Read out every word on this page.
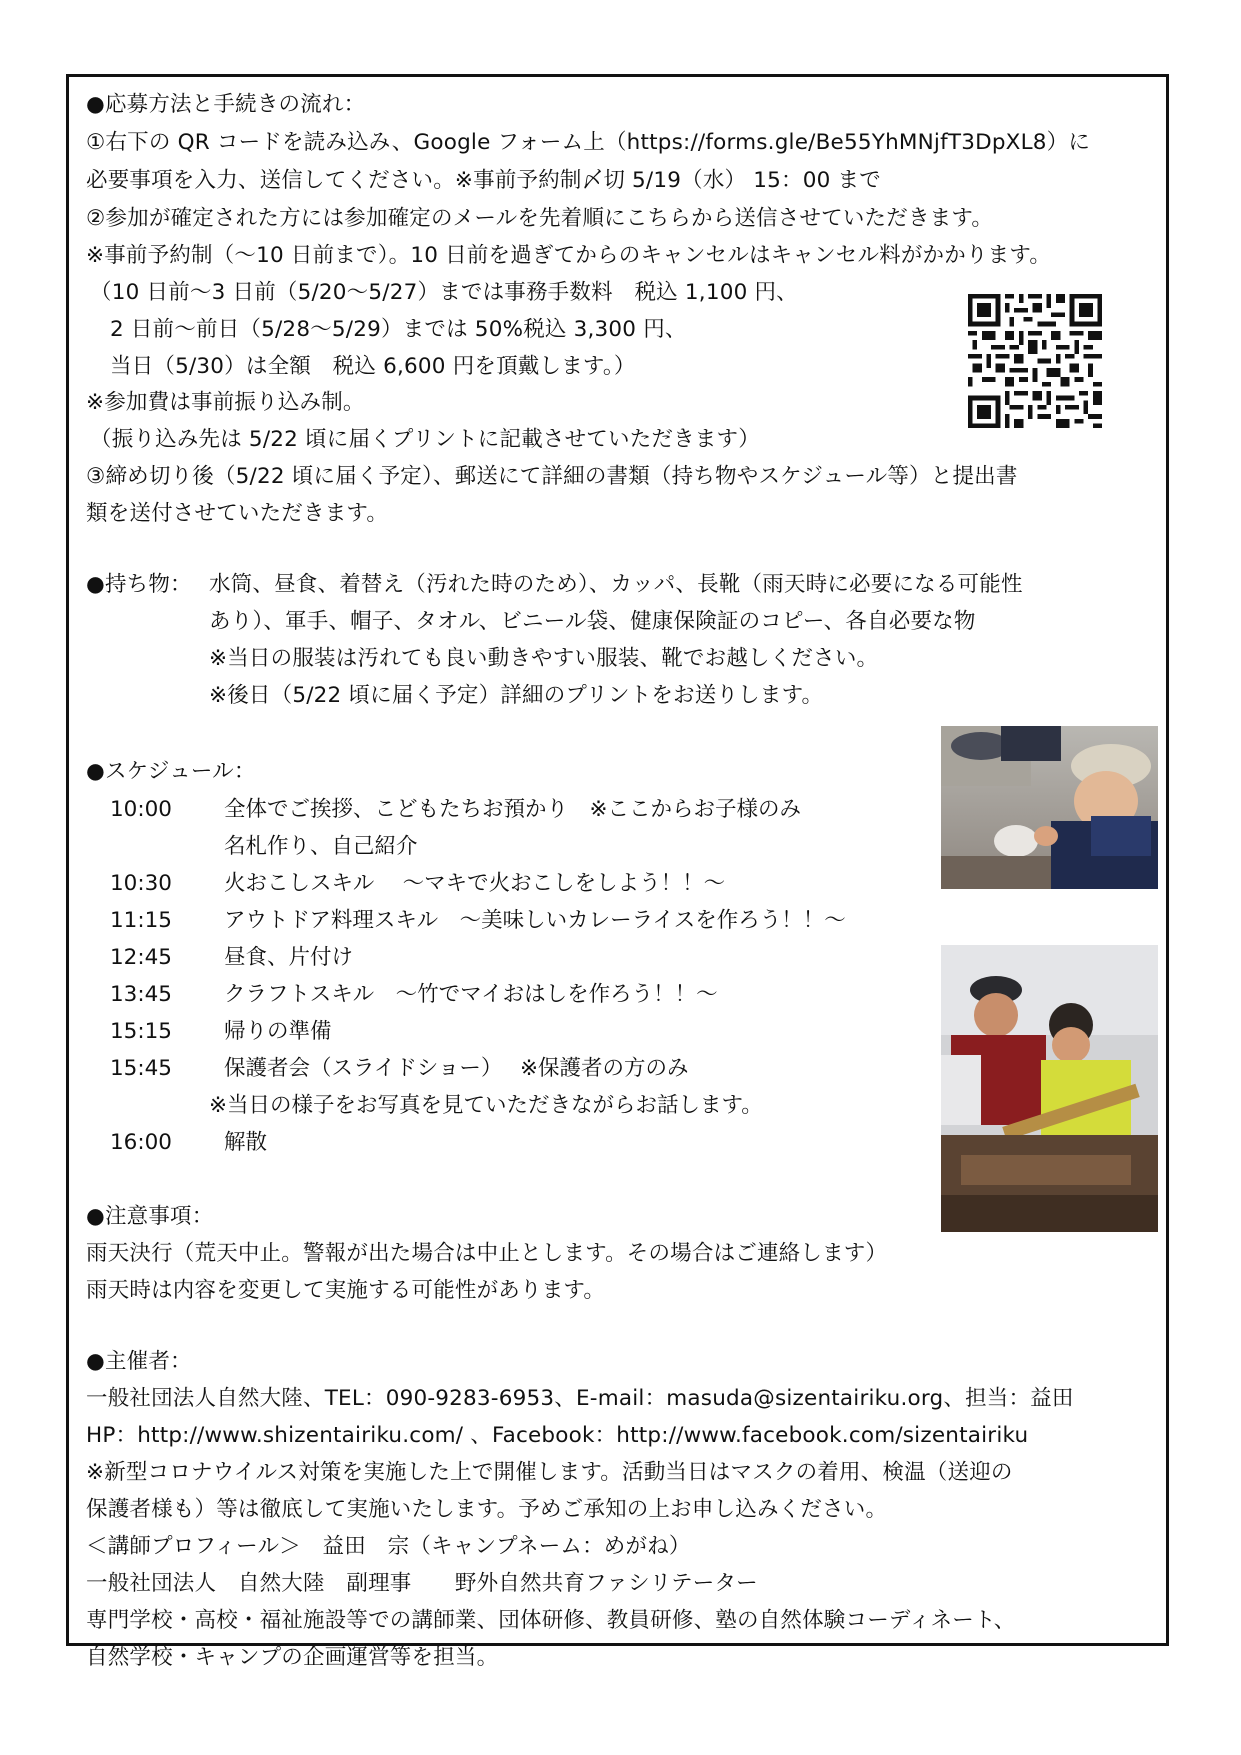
●応募方法と手続きの流れ：
①右下の QR コードを読み込み、Google フォーム上（https://forms.gle/Be55YhMNjfT3DpXL8）に
必要事項を入力、送信してください。※事前予約制〆切 5/19（水） 15：00 まで
②参加が確定された方には参加確定のメールを先着順にこちらから送信させていただきます。
※事前予約制（〜10 日前まで）。10 日前を過ぎてからのキャンセルはキャンセル料がかかります。
（10 日前〜3 日前（5/20〜5/27）までは事務手数料　税込 1,100 円、
2 日前〜前日（5/28〜5/29）までは 50%税込 3,300 円、
当日（5/30）は全額　税込 6,600 円を頂戴します。）
※参加費は事前振り込み制。
（振り込み先は 5/22 頃に届くプリントに記載させていただきます）
③締め切り後（5/22 頃に届く予定）、郵送にて詳細の書類（持ち物やスケジュール等）と提出書
類を送付させていただきます。
●持ち物： 水筒、昼食、着替え（汚れた時のため）、カッパ、長靴（雨天時に必要になる可能性
あり）、軍手、帽子、タオル、ビニール袋、健康保険証のコピー、各自必要な物
※当日の服装は汚れても良い動きやすい服装、靴でお越しください。
※後日（5/22 頃に届く予定）詳細のプリントをお送りします。
●スケジュール：
10:00 全体でご挨拶、こどもたちお預かり　※ここからお子様のみ
名札作り、自己紹介
10:30 火おこしスキル　 〜マキで火おこしをしよう！！〜
11:15 アウトドア料理スキル　〜美味しいカレーライスを作ろう！！〜
12:45 昼食、片付け
13:45 クラフトスキル　〜竹でマイおはしを作ろう！！〜
15:15 帰りの準備
15:45 保護者会（スライドショー）　 ※保護者の方のみ
※当日の様子をお写真を見ていただきながらお話します。
16:00 解散
●注意事項：
雨天決行（荒天中止。警報が出た場合は中止とします。その場合はご連絡します）
雨天時は内容を変更して実施する可能性があります。
●主催者：
一般社団法人自然大陸、TEL：090-9283-6953、E-mail：masuda@sizentairiku.org、担当：益田
HP：http://www.shizentairiku.com/ 、Facebook：http://www.facebook.com/sizentairiku
※新型コロナウイルス対策を実施した上で開催します。活動当日はマスクの着用、検温（送迎の
保護者様も）等は徹底して実施いたします。予めご承知の上お申し込みください。
＜講師プロフィール＞　益田　宗（キャンプネーム：めがね）
一般社団法人　自然大陸　副理事　　野外自然共育ファシリテーター
専門学校・高校・福祉施設等での講師業、団体研修、教員研修、塾の自然体験コーディネート、
自然学校・キャンプの企画運営等を担当。
